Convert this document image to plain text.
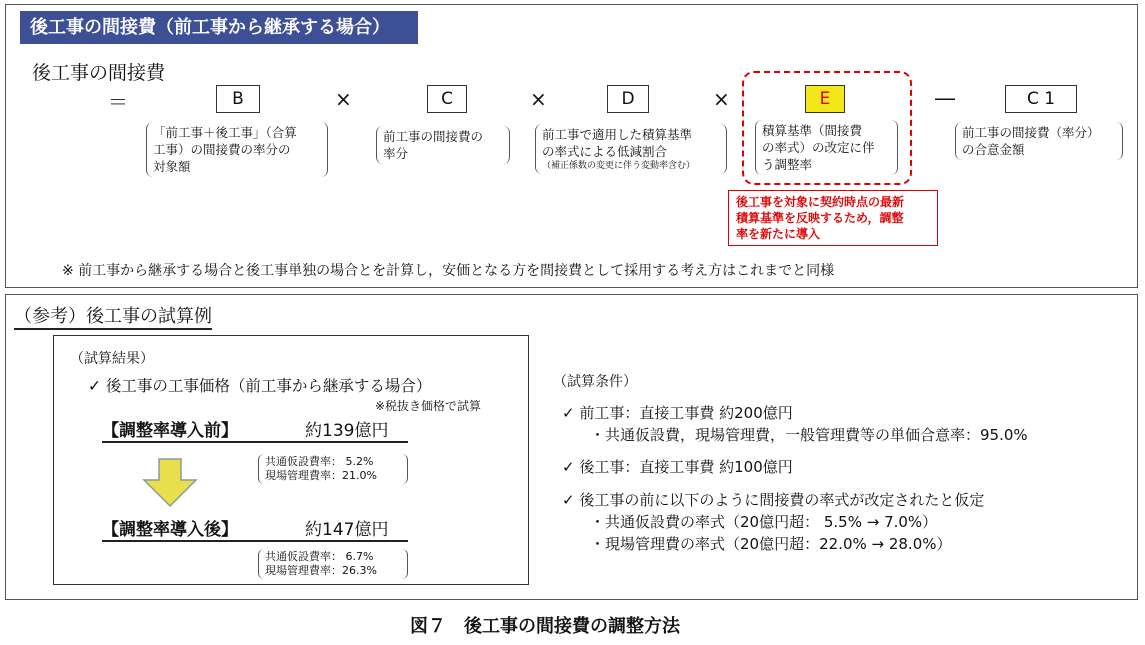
後工事の間接費（前工事から継承する場合）
後工事の間接費
＝	B	×	C	×	D	×	E	―	C 1
「前工事＋後工事」（合算
工事）の間接費の率分の
対象額
前工事の間接費の
率分
前工事で適用した積算基準
の率式による低減割合
（補正係数の変更に伴う変動率含む）
積算基準（間接費
の率式）の改定に伴
う調整率
前工事の間接費（率分）
の合意金額
後工事を対象に契約時点の最新
積算基準を反映するため，調整
率を新たに導入
※ 前工事から継承する場合と後工事単独の場合とを計算し，安価となる方を間接費として採用する考え方はこれまでと同様
（参考）後工事の試算例
（試算結果）
✓ 後工事の工事価格（前工事から継承する場合）
※税抜き価格で試算
【調整率導入前】	約139億円
共通仮設費率： 5.2%
現場管理費率：21.0%
【調整率導入後】	約147億円
共通仮設費率： 6.7%
現場管理費率：26.3%
（試算条件）
✓ 前工事：直接工事費 約200億円
・共通仮設費，現場管理費，一般管理費等の単価合意率：95.0%
✓ 後工事：直接工事費 約100億円
✓ 後工事の前に以下のように間接費の率式が改定されたと仮定
・共通仮設費の率式（20億円超： 5.5% → 7.0%）
・現場管理費の率式（20億円超：22.0% → 28.0%）
図７　後工事の間接費の調整方法
